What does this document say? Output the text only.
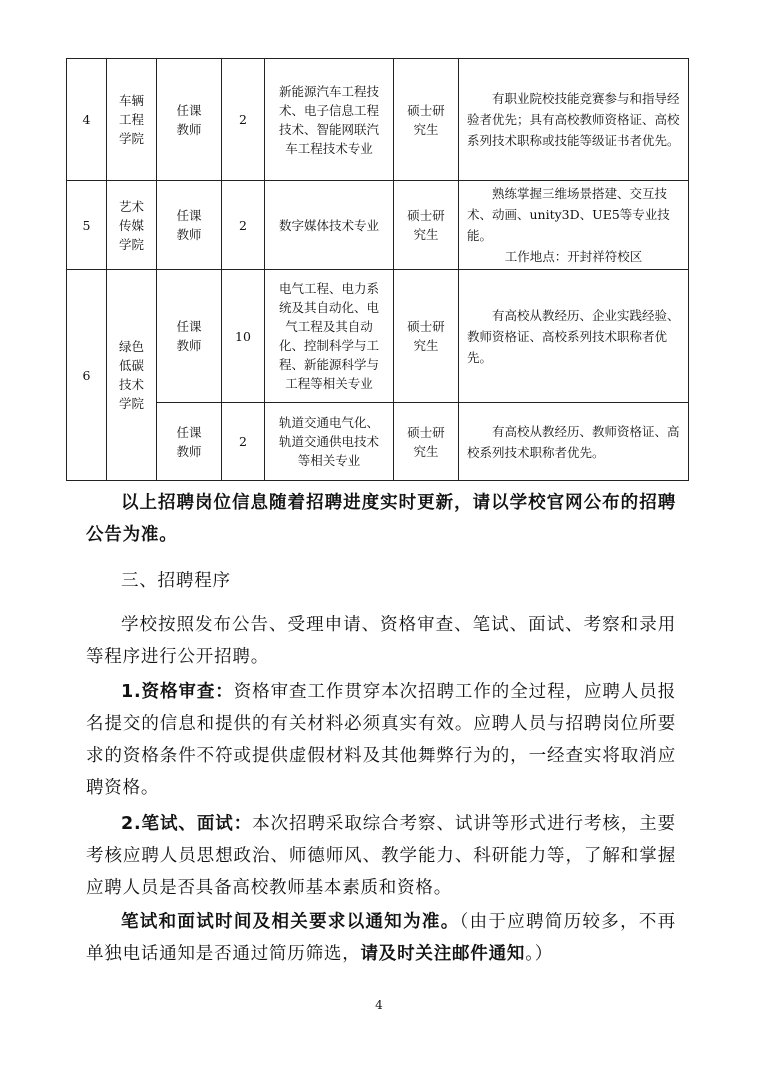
4	车辆工程学院	任课教师	2	新能源汽车工程技术、电子信息工程技术、智能网联汽车工程技术专业	硕士研究生	有职业院校技能竞赛参与和指导经验者优先；具有高校教师资格证、高校系列技术职称或技能等级证书者优先。

5	艺术传媒学院	任课教师	2	数字媒体技术专业	硕士研究生	熟练掌握三维场景搭建、交互技术、动画、unity3D、UE5等专业技能。
工作地点：开封祥符校区

6	绿色低碳技术学院	任课教师	10	电气工程、电力系统及其自动化、电气工程及其自动化、控制科学与工程、新能源科学与工程等相关专业	硕士研究生	有高校从教经历、企业实践经验、教师资格证、高校系列技术职称者优先。

		任课教师	2	轨道交通电气化、轨道交通供电技术等相关专业	硕士研究生	有高校从教经历、教师资格证、高校系列技术职称者优先。

以上招聘岗位信息随着招聘进度实时更新，请以学校官网公布的招聘公告为准。

三、招聘程序

学校按照发布公告、受理申请、资格审查、笔试、面试、考察和录用等程序进行公开招聘。

1.资格审查：资格审查工作贯穿本次招聘工作的全过程，应聘人员报名提交的信息和提供的有关材料必须真实有效。应聘人员与招聘岗位所要求的资格条件不符或提供虚假材料及其他舞弊行为的，一经查实将取消应聘资格。

2.笔试、面试：本次招聘采取综合考察、试讲等形式进行考核，主要考核应聘人员思想政治、师德师风、教学能力、科研能力等，了解和掌握应聘人员是否具备高校教师基本素质和资格。

笔试和面试时间及相关要求以通知为准。（由于应聘简历较多，不再单独电话通知是否通过简历筛选，请及时关注邮件通知。）

4
